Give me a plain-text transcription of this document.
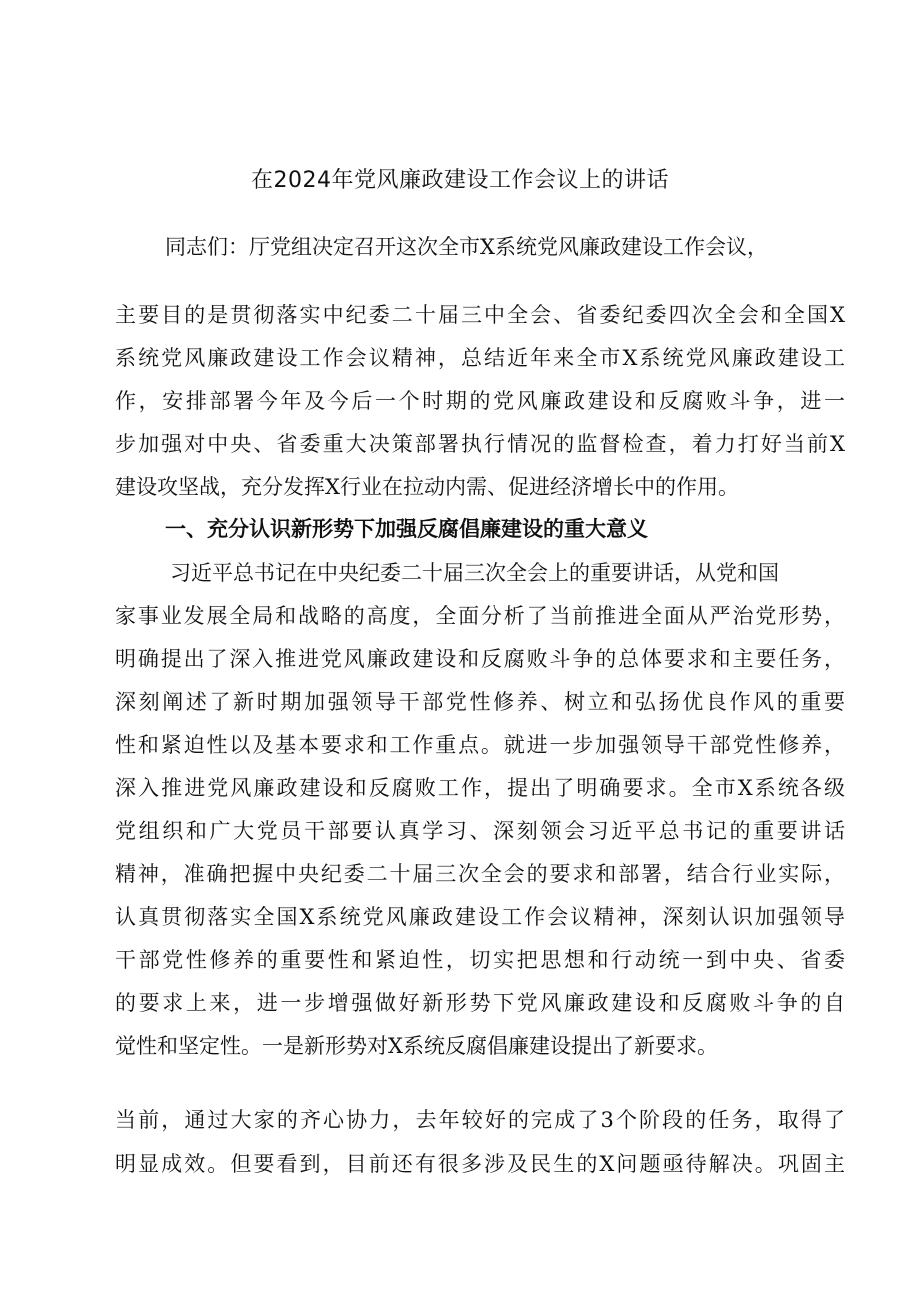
在2024年党风廉政建设工作会议上的讲话

同志们：厅党组决定召开这次全市X系统党风廉政建设工作会议，

主要目的是贯彻落实中纪委二十届三中全会、省委纪委四次全会和全国X

系统党风廉政建设工作会议精神，总结近年来全市X系统党风廉政建设工

作，安排部署今年及今后一个时期的党风廉政建设和反腐败斗争，进一

步加强对中央、省委重大决策部署执行情况的监督检查，着力打好当前X

建设攻坚战，充分发挥X行业在拉动内需、促进经济增长中的作用。

一、充分认识新形势下加强反腐倡廉建设的重大意义

习近平总书记在中央纪委二十届三次全会上的重要讲话，从党和国

家事业发展全局和战略的高度，全面分析了当前推进全面从严治党形势，

明确提出了深入推进党风廉政建设和反腐败斗争的总体要求和主要任务，

深刻阐述了新时期加强领导干部党性修养、树立和弘扬优良作风的重要

性和紧迫性以及基本要求和工作重点。就进一步加强领导干部党性修养，

深入推进党风廉政建设和反腐败工作，提出了明确要求。全市X系统各级

党组织和广大党员干部要认真学习、深刻领会习近平总书记的重要讲话

精神，准确把握中央纪委二十届三次全会的要求和部署，结合行业实际，

认真贯彻落实全国X系统党风廉政建设工作会议精神，深刻认识加强领导

干部党性修养的重要性和紧迫性，切实把思想和行动统一到中央、省委

的要求上来，进一步增强做好新形势下党风廉政建设和反腐败斗争的自

觉性和坚定性。一是新形势对X系统反腐倡廉建设提出了新要求。

当前，通过大家的齐心协力，去年较好的完成了3个阶段的任务，取得了

明显成效。但要看到，目前还有很多涉及民生的X问题亟待解决。巩固主
